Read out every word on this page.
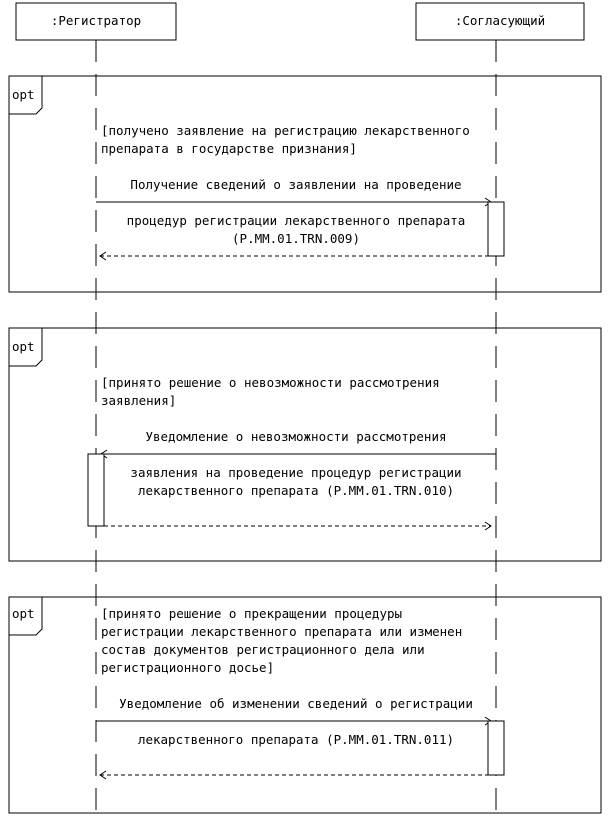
:Регистратор	:Согласующий
opt
[получено заявление на регистрацию лекарственного
препарата в государстве признания]
Получение сведений о заявлении на проведение
процедур регистрации лекарственного препарата
(P.MM.01.TRN.009)
opt
[принято решение о невозможности рассмотрения
заявления]
Уведомление о невозможности рассмотрения
заявления на проведение процедур регистрации
лекарственного препарата (P.MM.01.TRN.010)
opt	[принято решение о прекращении процедуры
регистрации лекарственного препарата или изменен
состав документов регистрационного дела или
регистрационного досье]
Уведомление об изменении сведений о регистрации
лекарственного препарата (P.MM.01.TRN.011)
